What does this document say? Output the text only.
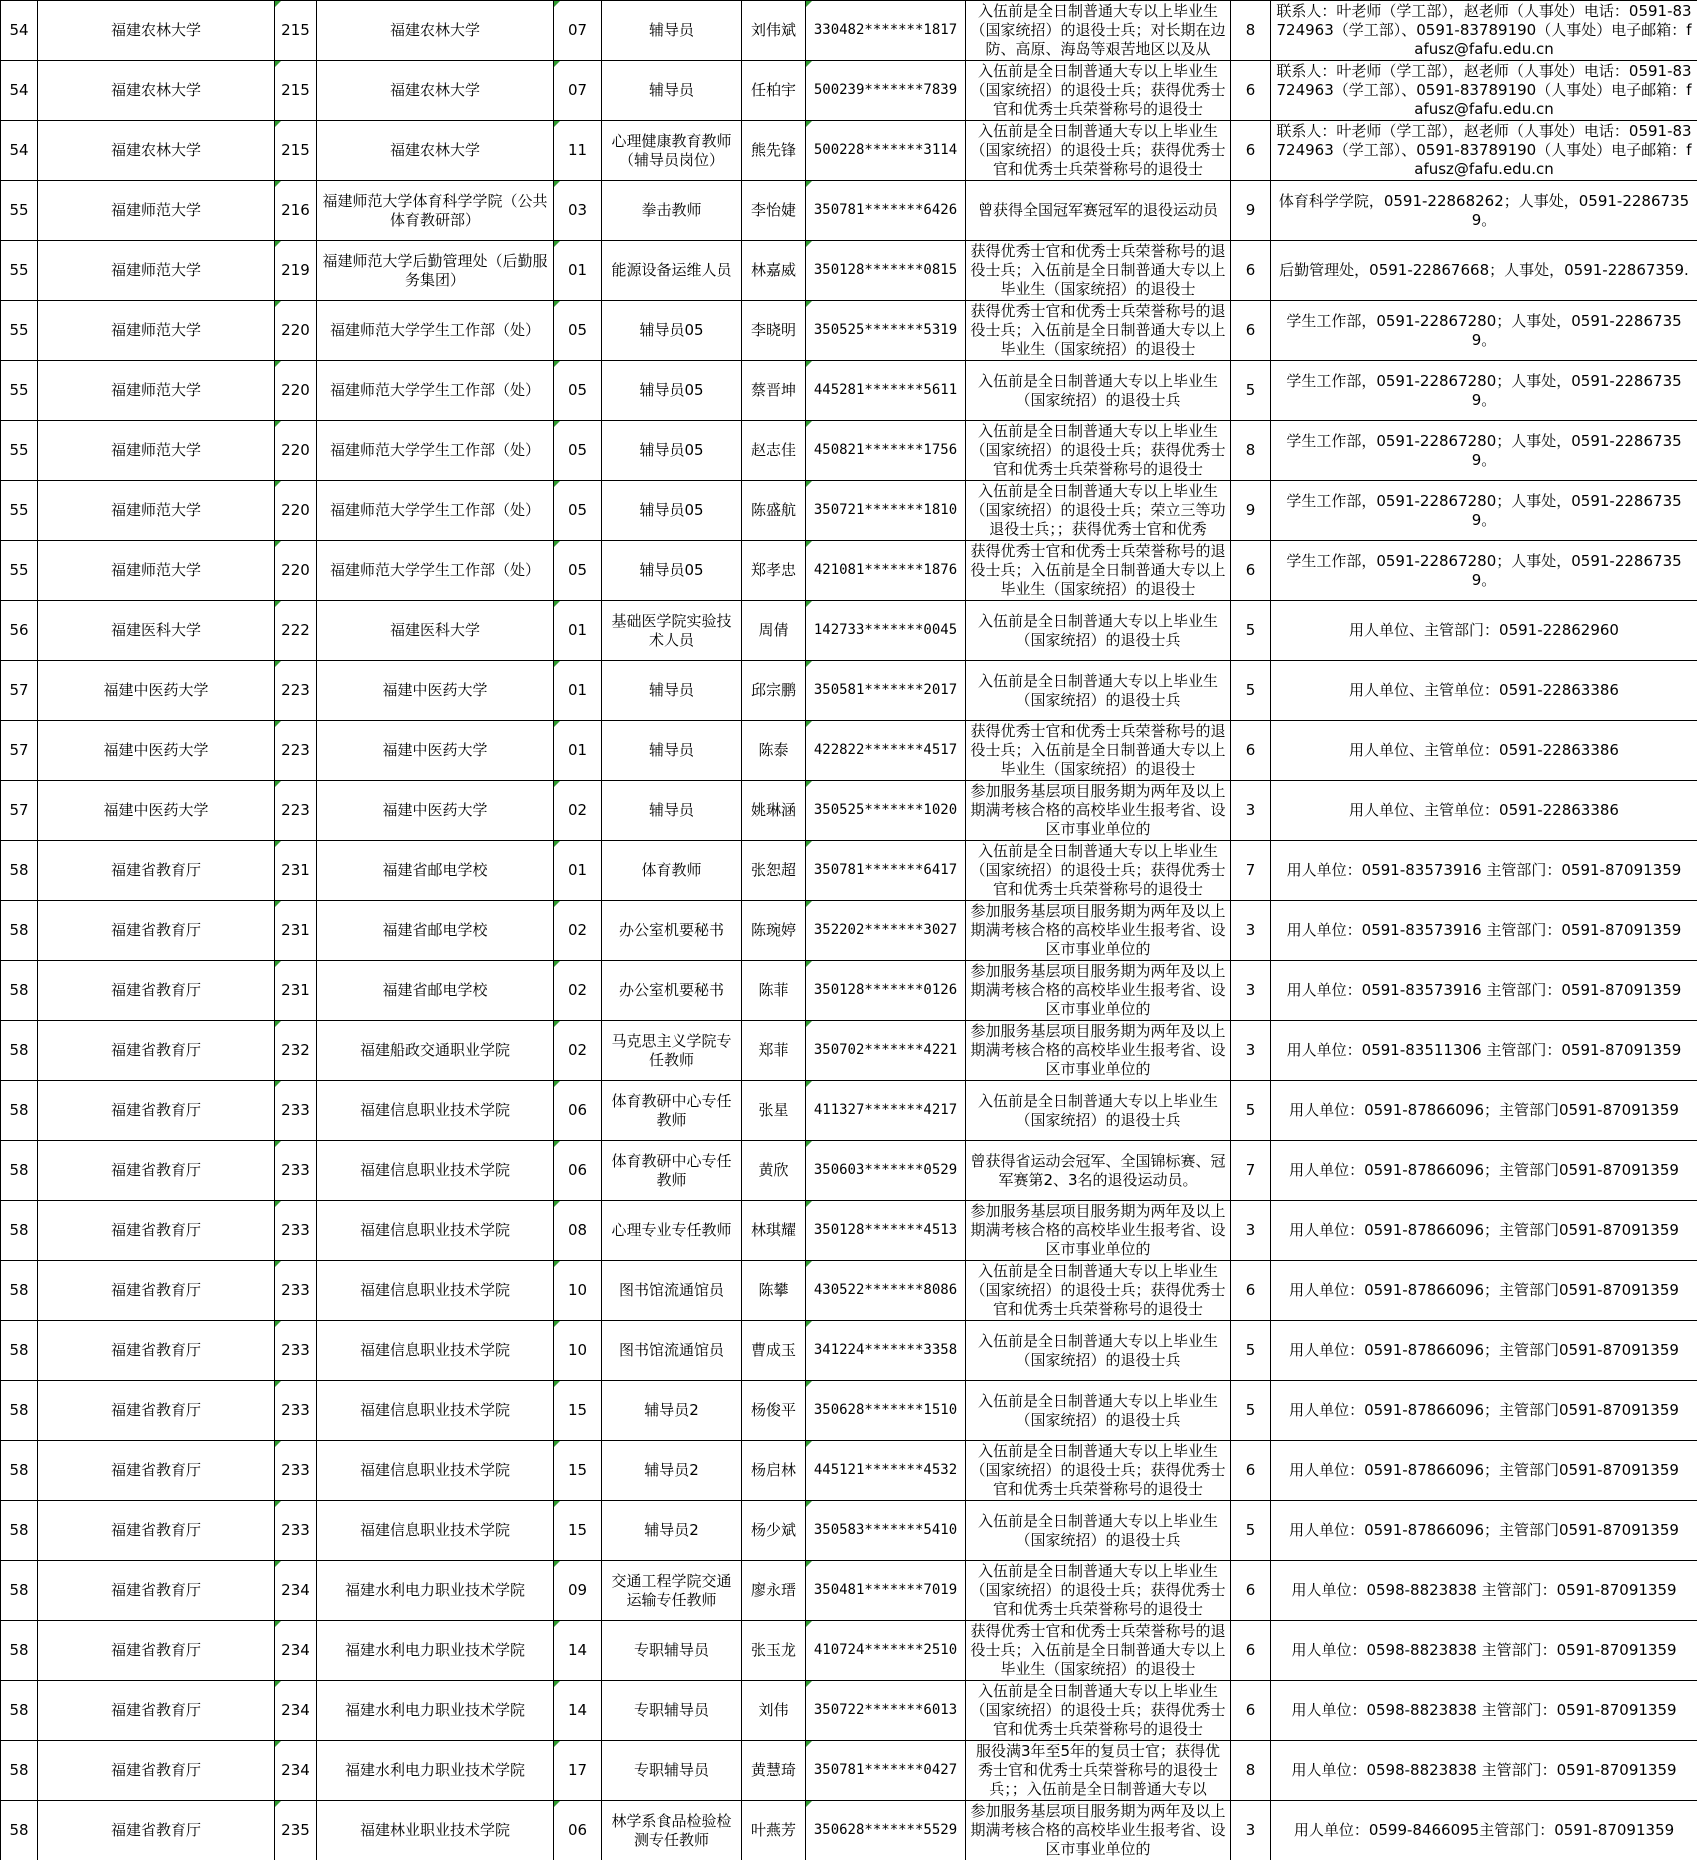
54	福建农林大学	215	福建农林大学	07	辅导员	刘伟斌	330482*******1817	入伍前是全日制普通大专以上毕业生（国家统招）的退役士兵；对长期在边防、高原、海岛等艰苦地区以及从	8	联系人：叶老师（学工部），赵老师（人事处）电话：0591-83724963（学工部）、0591-83789190（人事处）电子邮箱：fafusz@fafu.edu.cn

54	福建农林大学	215	福建农林大学	07	辅导员	任柏宇	500239*******7839	入伍前是全日制普通大专以上毕业生（国家统招）的退役士兵；获得优秀士官和优秀士兵荣誉称号的退役士	6	联系人：叶老师（学工部），赵老师（人事处）电话：0591-83724963（学工部）、0591-83789190（人事处）电子邮箱：fafusz@fafu.edu.cn

54	福建农林大学	215	福建农林大学	11	心理健康教育教师（辅导员岗位）	熊先锋	500228*******3114	入伍前是全日制普通大专以上毕业生（国家统招）的退役士兵；获得优秀士官和优秀士兵荣誉称号的退役士	6	联系人：叶老师（学工部），赵老师（人事处）电话：0591-83724963（学工部）、0591-83789190（人事处）电子邮箱：fafusz@fafu.edu.cn

55	福建师范大学	216	福建师范大学体育科学学院（公共体育教研部）	03	拳击教师	李怡婕	350781*******6426	曾获得全国冠军赛冠军的退役运动员	9	体育科学学院，0591-22868262；人事处，0591-22867359。

55	福建师范大学	219	福建师范大学后勤管理处（后勤服务集团）	01	能源设备运维人员	林嘉威	350128*******0815	获得优秀士官和优秀士兵荣誉称号的退役士兵；入伍前是全日制普通大专以上毕业生（国家统招）的退役士	6	后勤管理处，0591-22867668；人事处，0591-22867359.

55	福建师范大学	220	福建师范大学学生工作部（处）	05	辅导员05	李晓明	350525*******5319	获得优秀士官和优秀士兵荣誉称号的退役士兵；入伍前是全日制普通大专以上毕业生（国家统招）的退役士	6	学生工作部，0591-22867280；人事处，0591-22867359。

55	福建师范大学	220	福建师范大学学生工作部（处）	05	辅导员05	蔡晋坤	445281*******5611	入伍前是全日制普通大专以上毕业生（国家统招）的退役士兵	5	学生工作部，0591-22867280；人事处，0591-22867359。

55	福建师范大学	220	福建师范大学学生工作部（处）	05	辅导员05	赵志佳	450821*******1756	入伍前是全日制普通大专以上毕业生（国家统招）的退役士兵；获得优秀士官和优秀士兵荣誉称号的退役士	8	学生工作部，0591-22867280；人事处，0591-22867359。

55	福建师范大学	220	福建师范大学学生工作部（处）	05	辅导员05	陈盛航	350721*******1810	入伍前是全日制普通大专以上毕业生（国家统招）的退役士兵；荣立三等功退役士兵；；获得优秀士官和优秀	9	学生工作部，0591-22867280；人事处，0591-22867359。

55	福建师范大学	220	福建师范大学学生工作部（处）	05	辅导员05	郑孝忠	421081*******1876	获得优秀士官和优秀士兵荣誉称号的退役士兵；入伍前是全日制普通大专以上毕业生（国家统招）的退役士	6	学生工作部，0591-22867280；人事处，0591-22867359。

56	福建医科大学	222	福建医科大学	01	基础医学院实验技术人员	周倩	142733*******0045	入伍前是全日制普通大专以上毕业生（国家统招）的退役士兵	5	用人单位、主管部门：0591-22862960

57	福建中医药大学	223	福建中医药大学	01	辅导员	邱宗鹏	350581*******2017	入伍前是全日制普通大专以上毕业生（国家统招）的退役士兵	5	用人单位、主管单位：0591-22863386

57	福建中医药大学	223	福建中医药大学	01	辅导员	陈泰	422822*******4517	获得优秀士官和优秀士兵荣誉称号的退役士兵；入伍前是全日制普通大专以上毕业生（国家统招）的退役士	6	用人单位、主管单位：0591-22863386

57	福建中医药大学	223	福建中医药大学	02	辅导员	姚琳涵	350525*******1020	参加服务基层项目服务期为两年及以上期满考核合格的高校毕业生报考省、设区市事业单位的	3	用人单位、主管单位：0591-22863386

58	福建省教育厅	231	福建省邮电学校	01	体育教师	张恕超	350781*******6417	入伍前是全日制普通大专以上毕业生（国家统招）的退役士兵；获得优秀士官和优秀士兵荣誉称号的退役士	7	用人单位：0591-83573916 主管部门：0591-87091359

58	福建省教育厅	231	福建省邮电学校	02	办公室机要秘书	陈琬婷	352202*******3027	参加服务基层项目服务期为两年及以上期满考核合格的高校毕业生报考省、设区市事业单位的	3	用人单位：0591-83573916 主管部门：0591-87091359

58	福建省教育厅	231	福建省邮电学校	02	办公室机要秘书	陈菲	350128*******0126	参加服务基层项目服务期为两年及以上期满考核合格的高校毕业生报考省、设区市事业单位的	3	用人单位：0591-83573916 主管部门：0591-87091359

58	福建省教育厅	232	福建船政交通职业学院	02	马克思主义学院专任教师	郑菲	350702*******4221	参加服务基层项目服务期为两年及以上期满考核合格的高校毕业生报考省、设区市事业单位的	3	用人单位：0591-83511306 主管部门：0591-87091359

58	福建省教育厅	233	福建信息职业技术学院	06	体育教研中心专任教师	张星	411327*******4217	入伍前是全日制普通大专以上毕业生（国家统招）的退役士兵	5	用人单位：0591-87866096；主管部门0591-87091359

58	福建省教育厅	233	福建信息职业技术学院	06	体育教研中心专任教师	黄欣	350603*******0529	曾获得省运动会冠军、全国锦标赛、冠军赛第2、3名的退役运动员。	7	用人单位：0591-87866096；主管部门0591-87091359

58	福建省教育厅	233	福建信息职业技术学院	08	心理专业专任教师	林琪耀	350128*******4513	参加服务基层项目服务期为两年及以上期满考核合格的高校毕业生报考省、设区市事业单位的	3	用人单位：0591-87866096；主管部门0591-87091359

58	福建省教育厅	233	福建信息职业技术学院	10	图书馆流通馆员	陈攀	430522*******8086	入伍前是全日制普通大专以上毕业生（国家统招）的退役士兵；获得优秀士官和优秀士兵荣誉称号的退役士	6	用人单位：0591-87866096；主管部门0591-87091359

58	福建省教育厅	233	福建信息职业技术学院	10	图书馆流通馆员	曹成玉	341224*******3358	入伍前是全日制普通大专以上毕业生（国家统招）的退役士兵	5	用人单位：0591-87866096；主管部门0591-87091359

58	福建省教育厅	233	福建信息职业技术学院	15	辅导员2	杨俊平	350628*******1510	入伍前是全日制普通大专以上毕业生（国家统招）的退役士兵	5	用人单位：0591-87866096；主管部门0591-87091359

58	福建省教育厅	233	福建信息职业技术学院	15	辅导员2	杨启林	445121*******4532	入伍前是全日制普通大专以上毕业生（国家统招）的退役士兵；获得优秀士官和优秀士兵荣誉称号的退役士	6	用人单位：0591-87866096；主管部门0591-87091359

58	福建省教育厅	233	福建信息职业技术学院	15	辅导员2	杨少斌	350583*******5410	入伍前是全日制普通大专以上毕业生（国家统招）的退役士兵	5	用人单位：0591-87866096；主管部门0591-87091359

58	福建省教育厅	234	福建水利电力职业技术学院	09	交通工程学院交通运输专任教师	廖永瑨	350481*******7019	入伍前是全日制普通大专以上毕业生（国家统招）的退役士兵；获得优秀士官和优秀士兵荣誉称号的退役士	6	用人单位：0598-8823838 主管部门：0591-87091359

58	福建省教育厅	234	福建水利电力职业技术学院	14	专职辅导员	张玉龙	410724*******2510	获得优秀士官和优秀士兵荣誉称号的退役士兵；入伍前是全日制普通大专以上毕业生（国家统招）的退役士	6	用人单位：0598-8823838 主管部门：0591-87091359

58	福建省教育厅	234	福建水利电力职业技术学院	14	专职辅导员	刘伟	350722*******6013	入伍前是全日制普通大专以上毕业生（国家统招）的退役士兵；获得优秀士官和优秀士兵荣誉称号的退役士	6	用人单位：0598-8823838 主管部门：0591-87091359

58	福建省教育厅	234	福建水利电力职业技术学院	17	专职辅导员	黄慧琦	350781*******0427	服役满3年至5年的复员士官；获得优秀士官和优秀士兵荣誉称号的退役士兵；；入伍前是全日制普通大专以	8	用人单位：0598-8823838 主管部门：0591-87091359

58	福建省教育厅	235	福建林业职业技术学院	06	林学系食品检验检测专任教师	叶燕芳	350628*******5529	参加服务基层项目服务期为两年及以上期满考核合格的高校毕业生报考省、设区市事业单位的	3	用人单位：0599-8466095主管部门：0591-87091359
